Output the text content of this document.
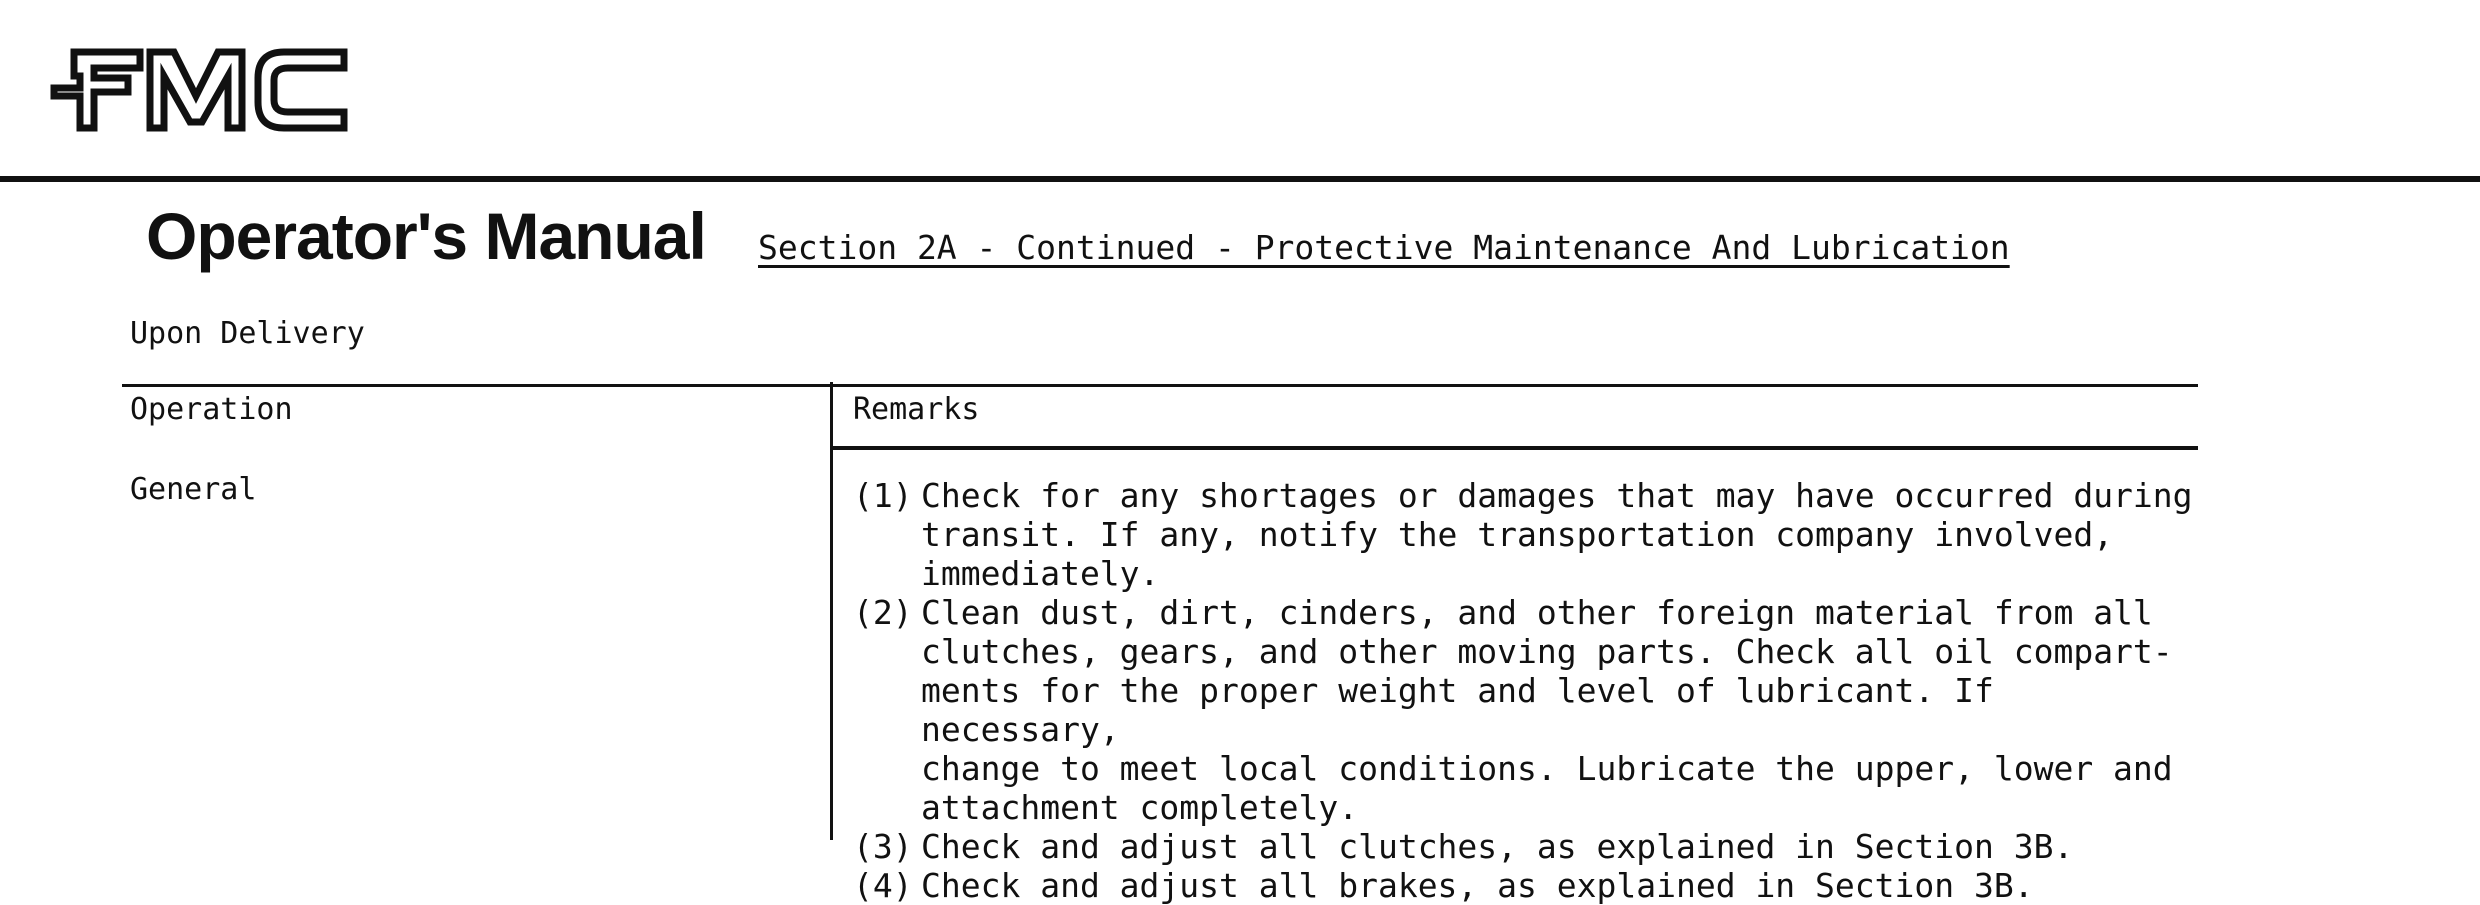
Operator's Manual Section 2A - Continued - Protective Maintenance And Lubrication
Upon Delivery
Operation	Remarks
General	(1) Check for any shortages or damages that may have occurred during
transit. If any, notify the transportation company involved,
immediately.
(2) Clean dust, dirt, cinders, and other foreign material from all
clutches, gears, and other moving parts. Check all oil compart-
ments for the proper weight and level of lubricant. If necessary,
change to meet local conditions. Lubricate the upper, lower and
attachment completely.
(3) Check and adjust all clutches, as explained in Section 3B.
(4) Check and adjust all brakes, as explained in Section 3B.
